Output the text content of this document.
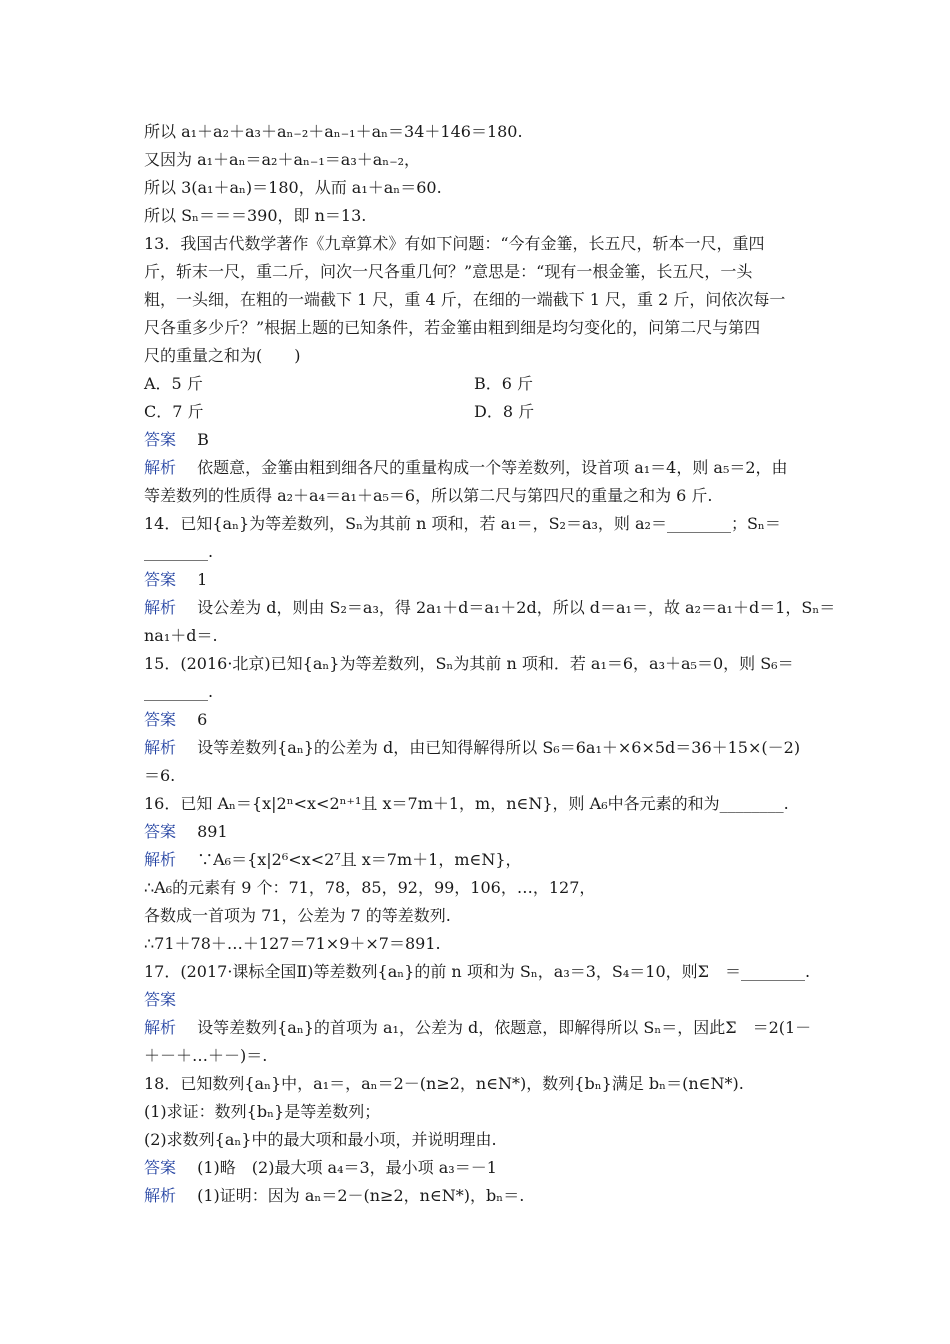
所以 a₁＋a₂＋a₃＋aₙ₋₂＋aₙ₋₁＋aₙ＝34＋146＝180.
又因为 a₁＋aₙ＝a₂＋aₙ₋₁＝a₃＋aₙ₋₂，
所以 3(a₁＋aₙ)＝180，从而 a₁＋aₙ＝60.
所以 Sₙ＝＝＝390，即 n＝13.
13．我国古代数学著作《九章算术》有如下问题：“今有金箠，长五尺，斩本一尺，重四
斤，斩末一尺，重二斤，问次一尺各重几何？”意思是：“现有一根金箠，长五尺，一头
粗，一头细，在粗的一端截下 1 尺，重 4 斤，在细的一端截下 1 尺，重 2 斤，问依次每一
尺各重多少斤？”根据上题的已知条件，若金箠由粗到细是均匀变化的，问第二尺与第四
尺的重量之和为(　　)
A．5 斤	B．6 斤
C．7 斤	D．8 斤
答案　 B
解析　 依题意，金箠由粗到细各尺的重量构成一个等差数列，设首项 a₁＝4，则 a₅＝2，由
等差数列的性质得 a₂＋a₄＝a₁＋a₅＝6，所以第二尺与第四尺的重量之和为 6 斤.
14．已知{aₙ}为等差数列，Sₙ为其前 n 项和，若 a₁＝，S₂＝a₃，则 a₂＝________；Sₙ＝
________.
答案　 1
解析　 设公差为 d，则由 S₂＝a₃，得 2a₁＋d＝a₁＋2d，所以 d＝a₁＝，故 a₂＝a₁＋d＝1，Sₙ＝
na₁＋d＝.
15．(2016·北京)已知{aₙ}为等差数列，Sₙ为其前 n 项和．若 a₁＝6，a₃＋a₅＝0，则 S₆＝
________.
答案　 6
解析　 设等差数列{aₙ}的公差为 d，由已知得解得所以 S₆＝6a₁＋×6×5d＝36＋15×(－2)
＝6.
16．已知 Aₙ＝{x|2ⁿ<x<2ⁿ⁺¹且 x＝7m＋1，m，n∈N}，则 A₆中各元素的和为________.
答案　 891
解析　 ∵A₆＝{x|2⁶<x<2⁷且 x＝7m＋1，m∈N}，
∴A₆的元素有 9 个：71，78，85，92，99，106，…，127，
各数成一首项为 71，公差为 7 的等差数列.
∴71＋78＋…＋127＝71×9＋×7＝891.
17．(2017·课标全国Ⅱ)等差数列{aₙ}的前 n 项和为 Sₙ，a₃＝3，S₄＝10，则Σ　＝________.
答案
解析　 设等差数列{aₙ}的首项为 a₁，公差为 d，依题意，即解得所以 Sₙ＝，因此Σ　＝2(1－
＋－＋…＋－)＝.
18．已知数列{aₙ}中，a₁＝，aₙ＝2－(n≥2，n∈N*)，数列{bₙ}满足 bₙ＝(n∈N*).
(1)求证：数列{bₙ}是等差数列；
(2)求数列{aₙ}中的最大项和最小项，并说明理由.
答案　 (1)略　(2)最大项 a₄＝3，最小项 a₃＝－1
解析　 (1)证明：因为 aₙ＝2－(n≥2，n∈N*)，bₙ＝.
